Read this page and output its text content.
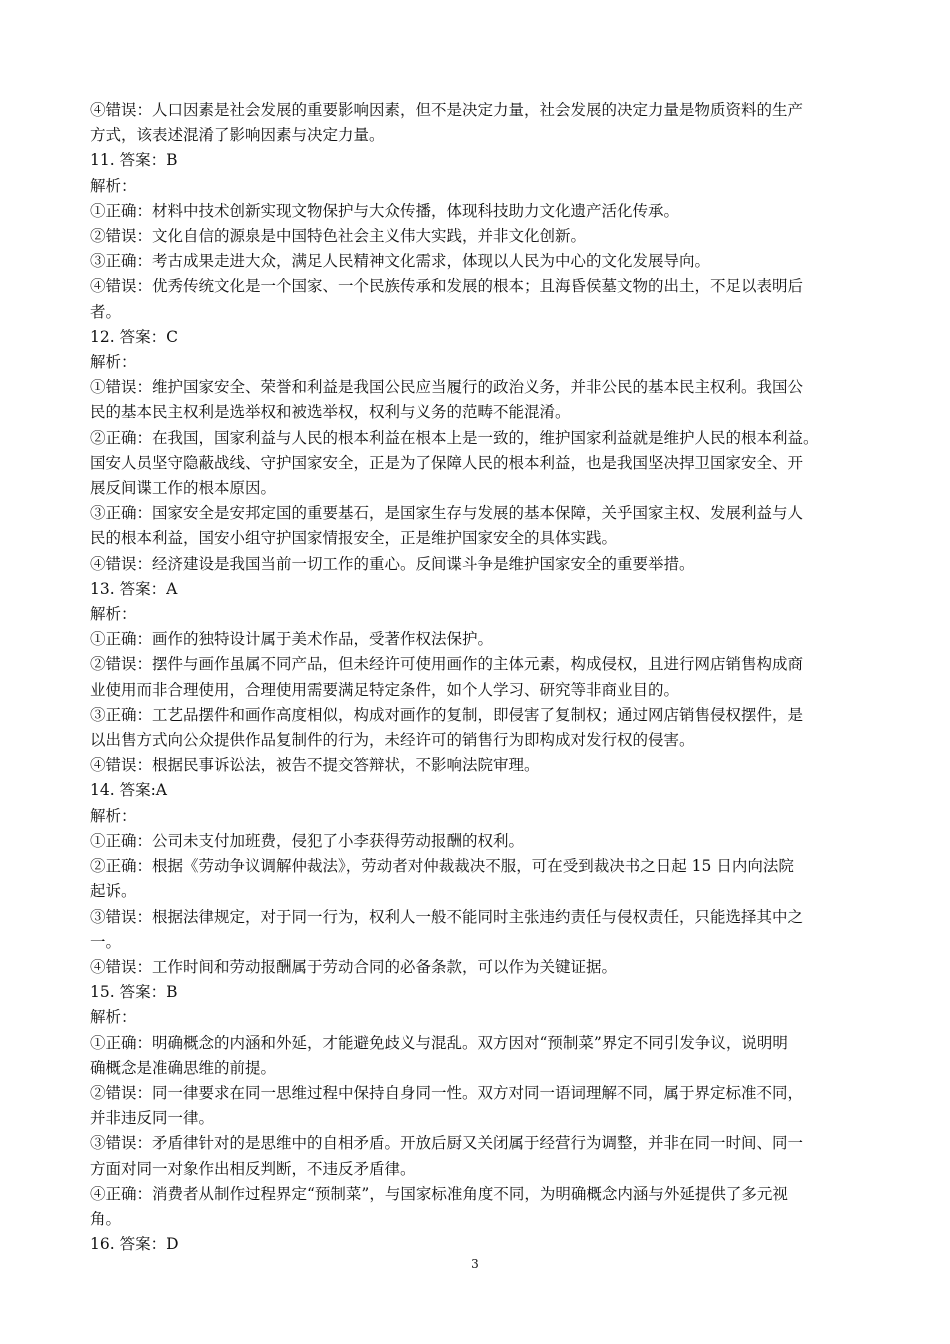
④错误：人口因素是社会发展的重要影响因素，但不是决定力量，社会发展的决定力量是物质资料的生产
方式，该表述混淆了影响因素与决定力量。
11. 答案：B
解析：
①正确：材料中技术创新实现文物保护与大众传播，体现科技助力文化遗产活化传承。
②错误：文化自信的源泉是中国特色社会主义伟大实践，并非文化创新。
③正确：考古成果走进大众，满足人民精神文化需求，体现以人民为中心的文化发展导向。
④错误：优秀传统文化是一个国家、一个民族传承和发展的根本；且海昏侯墓文物的出土，不足以表明后
者。
12. 答案：C
解析：
①错误：维护国家安全、荣誉和利益是我国公民应当履行的政治义务，并非公民的基本民主权利。我国公
民的基本民主权利是选举权和被选举权，权利与义务的范畴不能混淆。
②正确：在我国，国家利益与人民的根本利益在根本上是一致的，维护国家利益就是维护人民的根本利益。
国安人员坚守隐蔽战线、守护国家安全，正是为了保障人民的根本利益，也是我国坚决捍卫国家安全、开
展反间谍工作的根本原因。
③正确：国家安全是安邦定国的重要基石，是国家生存与发展的基本保障，关乎国家主权、发展利益与人
民的根本利益，国安小组守护国家情报安全，正是维护国家安全的具体实践。
④错误：经济建设是我国当前一切工作的重心。反间谍斗争是维护国家安全的重要举措。
13. 答案：A
解析：
①正确：画作的独特设计属于美术作品，受著作权法保护。
②错误：摆件与画作虽属不同产品，但未经许可使用画作的主体元素，构成侵权，且进行网店销售构成商
业使用而非合理使用，合理使用需要满足特定条件，如个人学习、研究等非商业目的。
③正确：工艺品摆件和画作高度相似，构成对画作的复制，即侵害了复制权；通过网店销售侵权摆件，是
以出售方式向公众提供作品复制件的行为，未经许可的销售行为即构成对发行权的侵害。
④错误：根据民事诉讼法，被告不提交答辩状，不影响法院审理。
14. 答案:A
解析：
①正确：公司未支付加班费，侵犯了小李获得劳动报酬的权利。
②正确：根据《劳动争议调解仲裁法》，劳动者对仲裁裁决不服，可在受到裁决书之日起 15 日内向法院
起诉。
③错误：根据法律规定，对于同一行为，权利人一般不能同时主张违约责任与侵权责任，只能选择其中之
一。
④错误：工作时间和劳动报酬属于劳动合同的必备条款，可以作为关键证据。
15. 答案：B
解析：
①正确：明确概念的内涵和外延，才能避免歧义与混乱。双方因对“预制菜”界定不同引发争议，说明明
确概念是准确思维的前提。
②错误：同一律要求在同一思维过程中保持自身同一性。双方对同一语词理解不同，属于界定标准不同，
并非违反同一律。
③错误：矛盾律针对的是思维中的自相矛盾。开放后厨又关闭属于经营行为调整，并非在同一时间、同一
方面对同一对象作出相反判断，不违反矛盾律。
④正确：消费者从制作过程界定“预制菜”，与国家标准角度不同，为明确概念内涵与外延提供了多元视
角。
16. 答案：D
3
